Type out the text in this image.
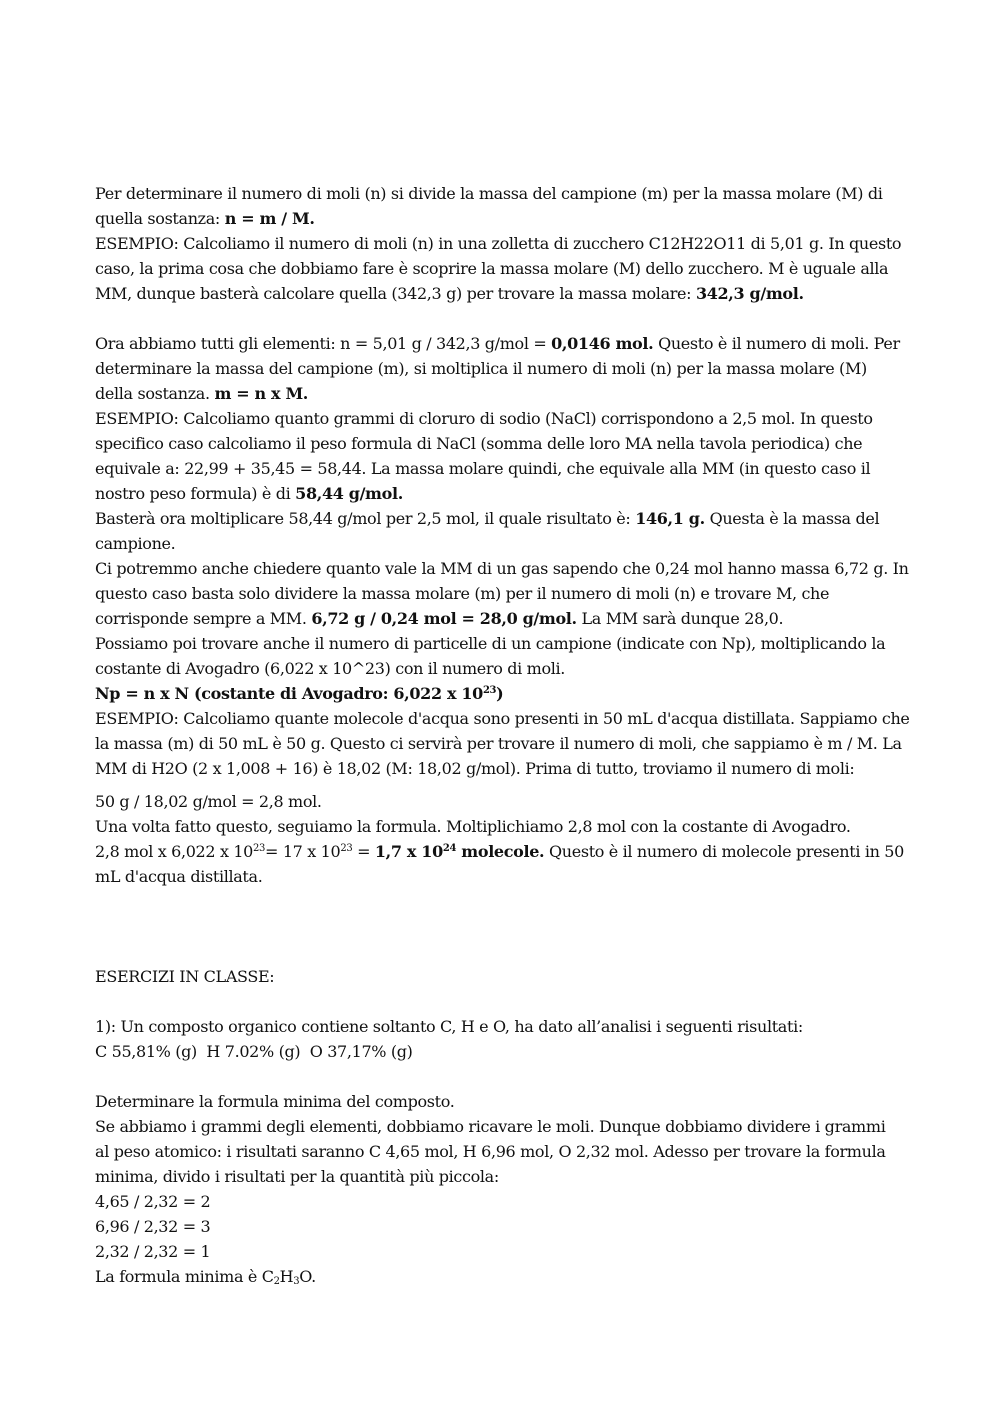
Per determinare il numero di moli (n) si divide la massa del campione (m) per la massa molare (M) di
quella sostanza: n = m / M.
ESEMPIO: Calcoliamo il numero di moli (n) in una zolletta di zucchero C12H22O11 di 5,01 g. In questo
caso, la prima cosa che dobbiamo fare è scoprire la massa molare (M) dello zucchero. M è uguale alla
MM, dunque basterà calcolare quella (342,3 g) per trovare la massa molare: 342,3 g/mol.
Ora abbiamo tutti gli elementi: n = 5,01 g / 342,3 g/mol = 0,0146 mol. Questo è il numero di moli. Per
determinare la massa del campione (m), si moltiplica il numero di moli (n) per la massa molare (M)
della sostanza. m = n x M.
ESEMPIO: Calcoliamo quanto grammi di cloruro di sodio (NaCl) corrispondono a 2,5 mol. In questo
specifico caso calcoliamo il peso formula di NaCl (somma delle loro MA nella tavola periodica) che
equivale a: 22,99 + 35,45 = 58,44. La massa molare quindi, che equivale alla MM (in questo caso il
nostro peso formula) è di 58,44 g/mol.
Basterà ora moltiplicare 58,44 g/mol per 2,5 mol, il quale risultato è: 146,1 g. Questa è la massa del
campione.
Ci potremmo anche chiedere quanto vale la MM di un gas sapendo che 0,24 mol hanno massa 6,72 g. In
questo caso basta solo dividere la massa molare (m) per il numero di moli (n) e trovare M, che
corrisponde sempre a MM. 6,72 g / 0,24 mol = 28,0 g/mol. La MM sarà dunque 28,0.
Possiamo poi trovare anche il numero di particelle di un campione (indicate con Np), moltiplicando la
costante di Avogadro (6,022 x 10^23) con il numero di moli.
Np = n x N (costante di Avogadro: 6,022 x $10^{23}$)
ESEMPIO: Calcoliamo quante molecole d'acqua sono presenti in 50 mL d'acqua distillata. Sappiamo che
la massa (m) di 50 mL è 50 g. Questo ci servirà per trovare il numero di moli, che sappiamo è m / M. La
MM di H2O (2 x 1,008 + 16) è 18,02 (M: 18,02 g/mol). Prima di tutto, troviamo il numero di moli:
50 g / 18,02 g/mol = 2,8 mol.
Una volta fatto questo, seguiamo la formula. Moltiplichiamo 2,8 mol con la costante di Avogadro.
2,8 mol x 6,022 x $10^{23}= 17$ x $10^{23} = 1,7$ x $10^{24}$ molecole. Questo è il numero di molecole presenti in 50
mL d'acqua distillata.
ESERCIZI IN CLASSE:
1): Un composto organico contiene soltanto C, H e O, ha dato all’analisi i seguenti risultati:
C 55,81% (g)  H 7.02% (g)  O 37,17% (g)
Determinare la formula minima del composto.
Se abbiamo i grammi degli elementi, dobbiamo ricavare le moli. Dunque dobbiamo dividere i grammi
al peso atomico: i risultati saranno C 4,65 mol, H 6,96 mol, O 2,32 mol. Adesso per trovare la formula
minima, divido i risultati per la quantità più piccola:
4,65 / 2,32 = 2
6,96 / 2,32 = 3
2,32 / 2,32 = 1
La formula minima è $C_2H_3O$.
